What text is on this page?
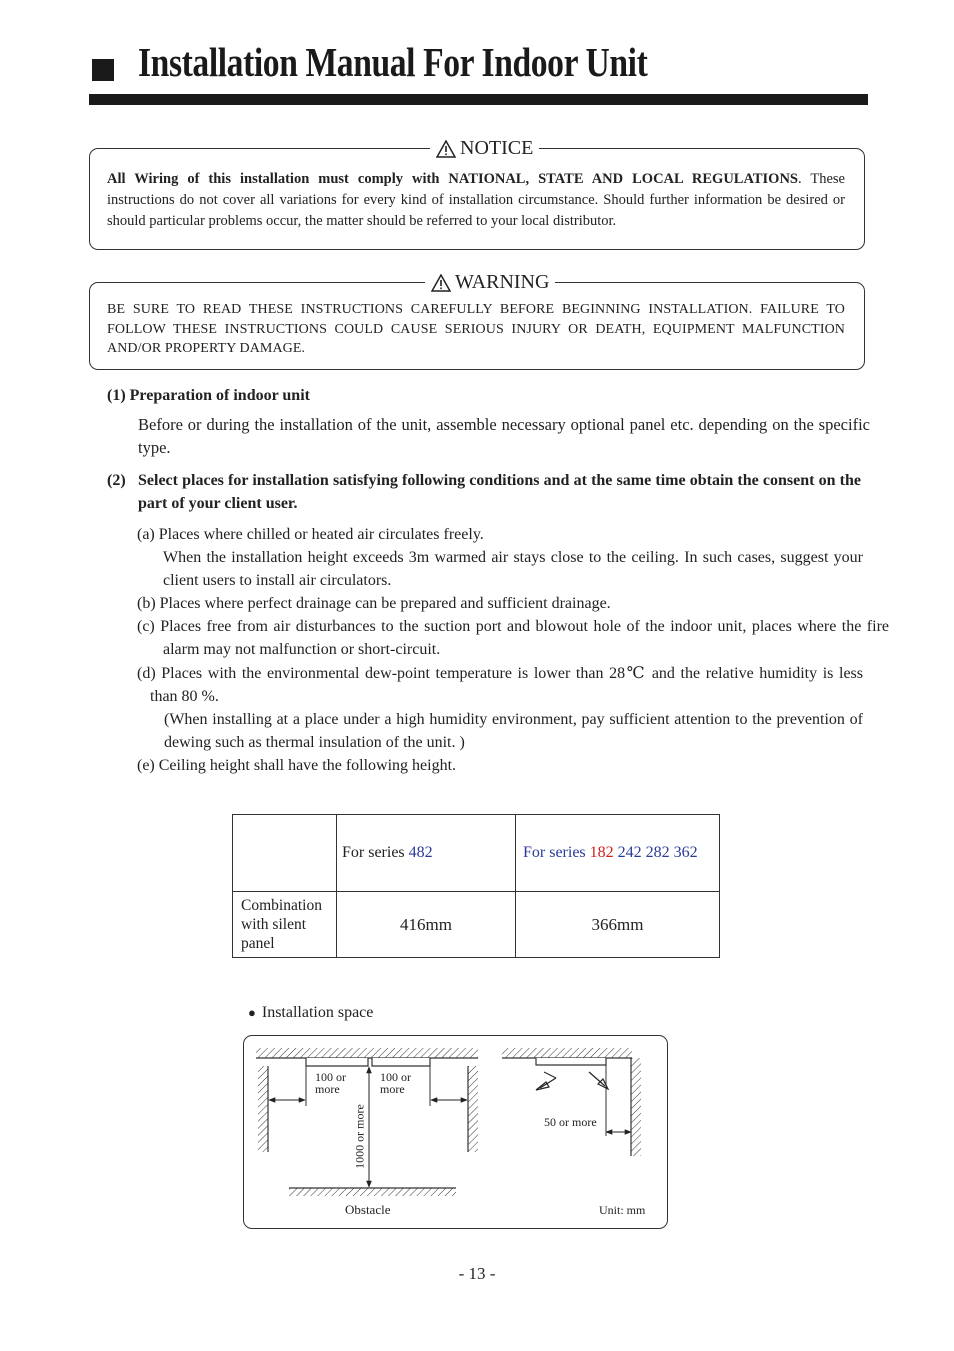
Installation Manual For Indoor Unit
NOTICE
All Wiring of this installation must comply with NATIONAL, STATE AND LOCAL REGULATIONS. These instructions do not cover all variations for every kind of installation circumstance. Should further information be desired or should particular problems occur, the matter should be referred to your local distributor.
WARNING
BE SURE TO READ THESE INSTRUCTIONS CAREFULLY BEFORE BEGINNING INSTALLATION. FAILURE TO FOLLOW THESE INSTRUCTIONS COULD CAUSE SERIOUS INJURY OR DEATH, EQUIPMENT MALFUNCTION AND/OR PROPERTY DAMAGE.
(1) Preparation of indoor unit
Before or during the installation of the unit, assemble necessary optional panel etc. depending on the specific type.
(2) Select places for installation satisfying following conditions and at the same time obtain the consent on the part of your client user.
(a) Places where chilled or heated air circulates freely.
When the installation height exceeds 3m warmed air stays close to the ceiling. In such cases, suggest your client users to install air circulators.
(b) Places where perfect drainage can be prepared and sufficient drainage.
(c) Places free from air disturbances to the suction port and blowout hole of the indoor unit, places where the fire alarm may not malfunction or short-circuit.
(d) Places with the environmental dew-point temperature is lower than 28℃ and the relative humidity is less than 80 %.
(When installing at a place under a high humidity environment, pay sufficient attention to the prevention of dewing such as thermal insulation of the unit. )
(e) Ceiling height shall have the following height.
	For series 482	For series 182 242 282 362
Combination with silent panel	416mm	366mm
● Installation space
100 or more
100 or more
1000 or more
Obstacle
50 or more
Unit: mm
- 13 -
